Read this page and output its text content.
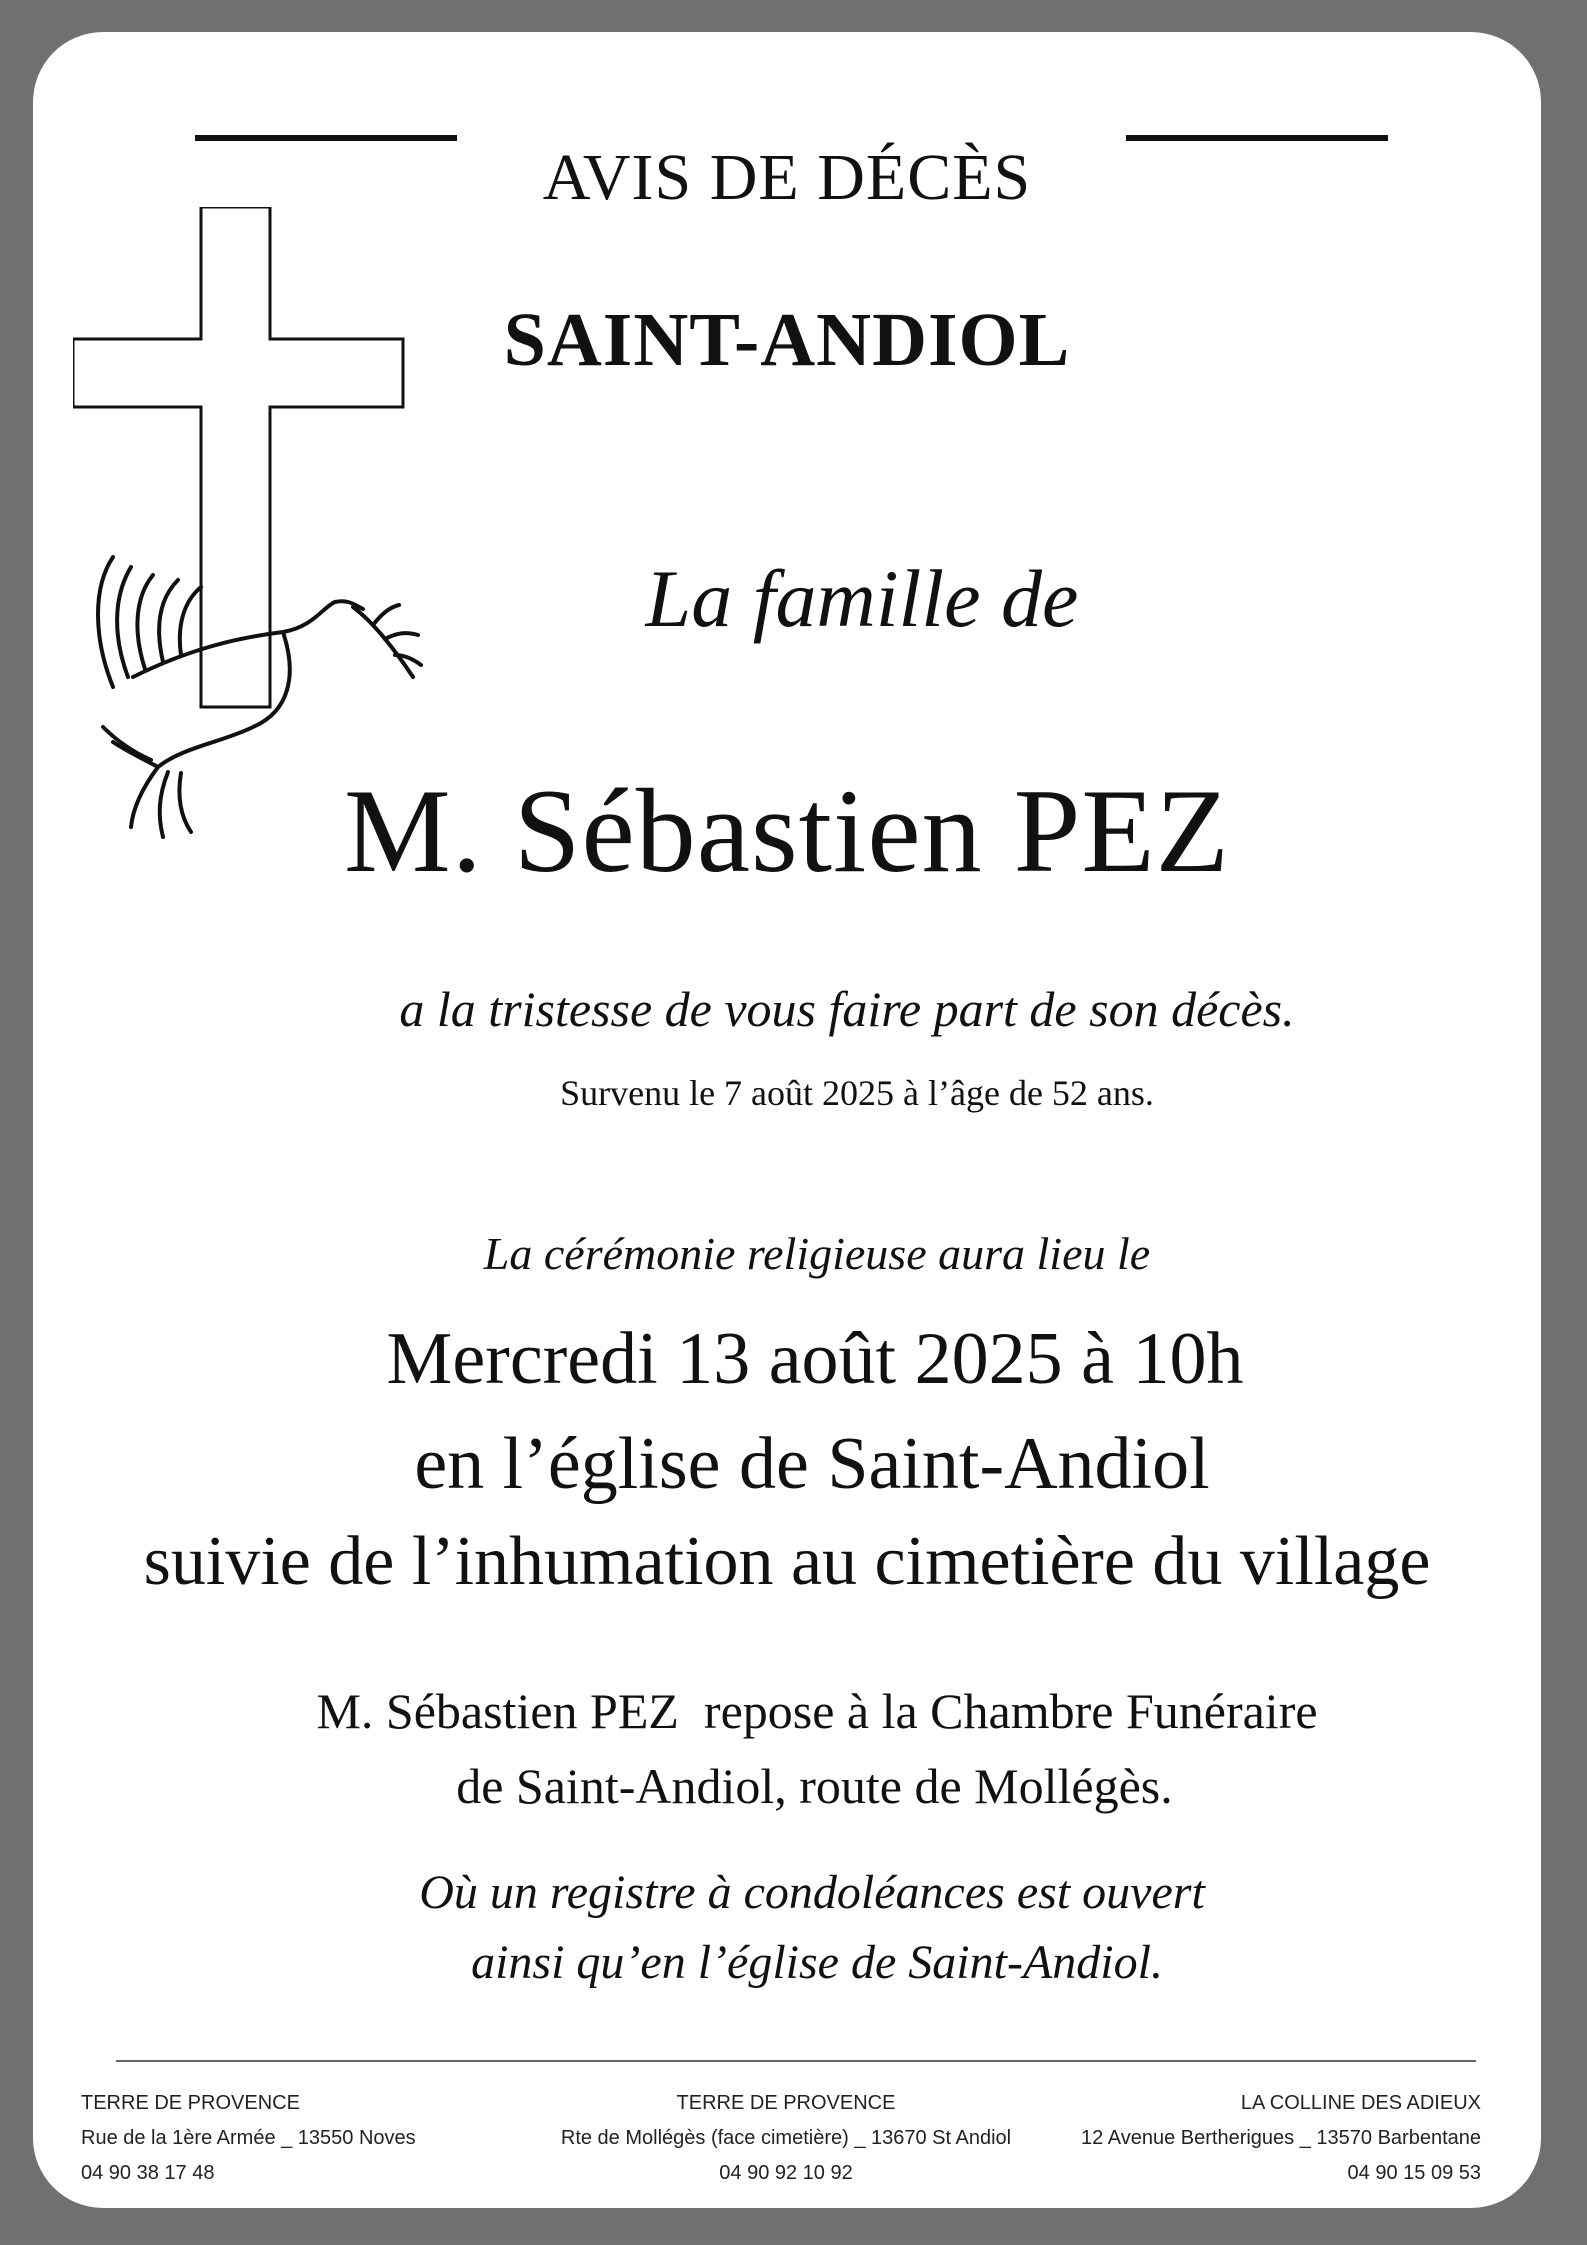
AVIS DE DÉCÈS
SAINT-ANDIOL
La famille de
M. Sébastien PEZ
a la tristesse de vous faire part de son décès.
Survenu le 7 août 2025 à l’âge de 52 ans.
La cérémonie religieuse aura lieu le
Mercredi 13 août 2025 à 10h
en l’église de Saint-Andiol
suivie de l’inhumation au cimetière du village
M. Sébastien PEZ  repose à la Chambre Funéraire
de Saint-Andiol, route de Mollégès.
Où un registre à condoléances est ouvert
ainsi qu’en l’église de Saint-Andiol.
TERRE DE PROVENCE
Rue de la 1ère Armée _ 13550 Noves
04 90 38 17 48
TERRE DE PROVENCE
Rte de Mollégès (face cimetière) _ 13670 St Andiol
04 90 92 10 92
LA COLLINE DES ADIEUX
12 Avenue Bertherigues _ 13570 Barbentane
04 90 15 09 53
